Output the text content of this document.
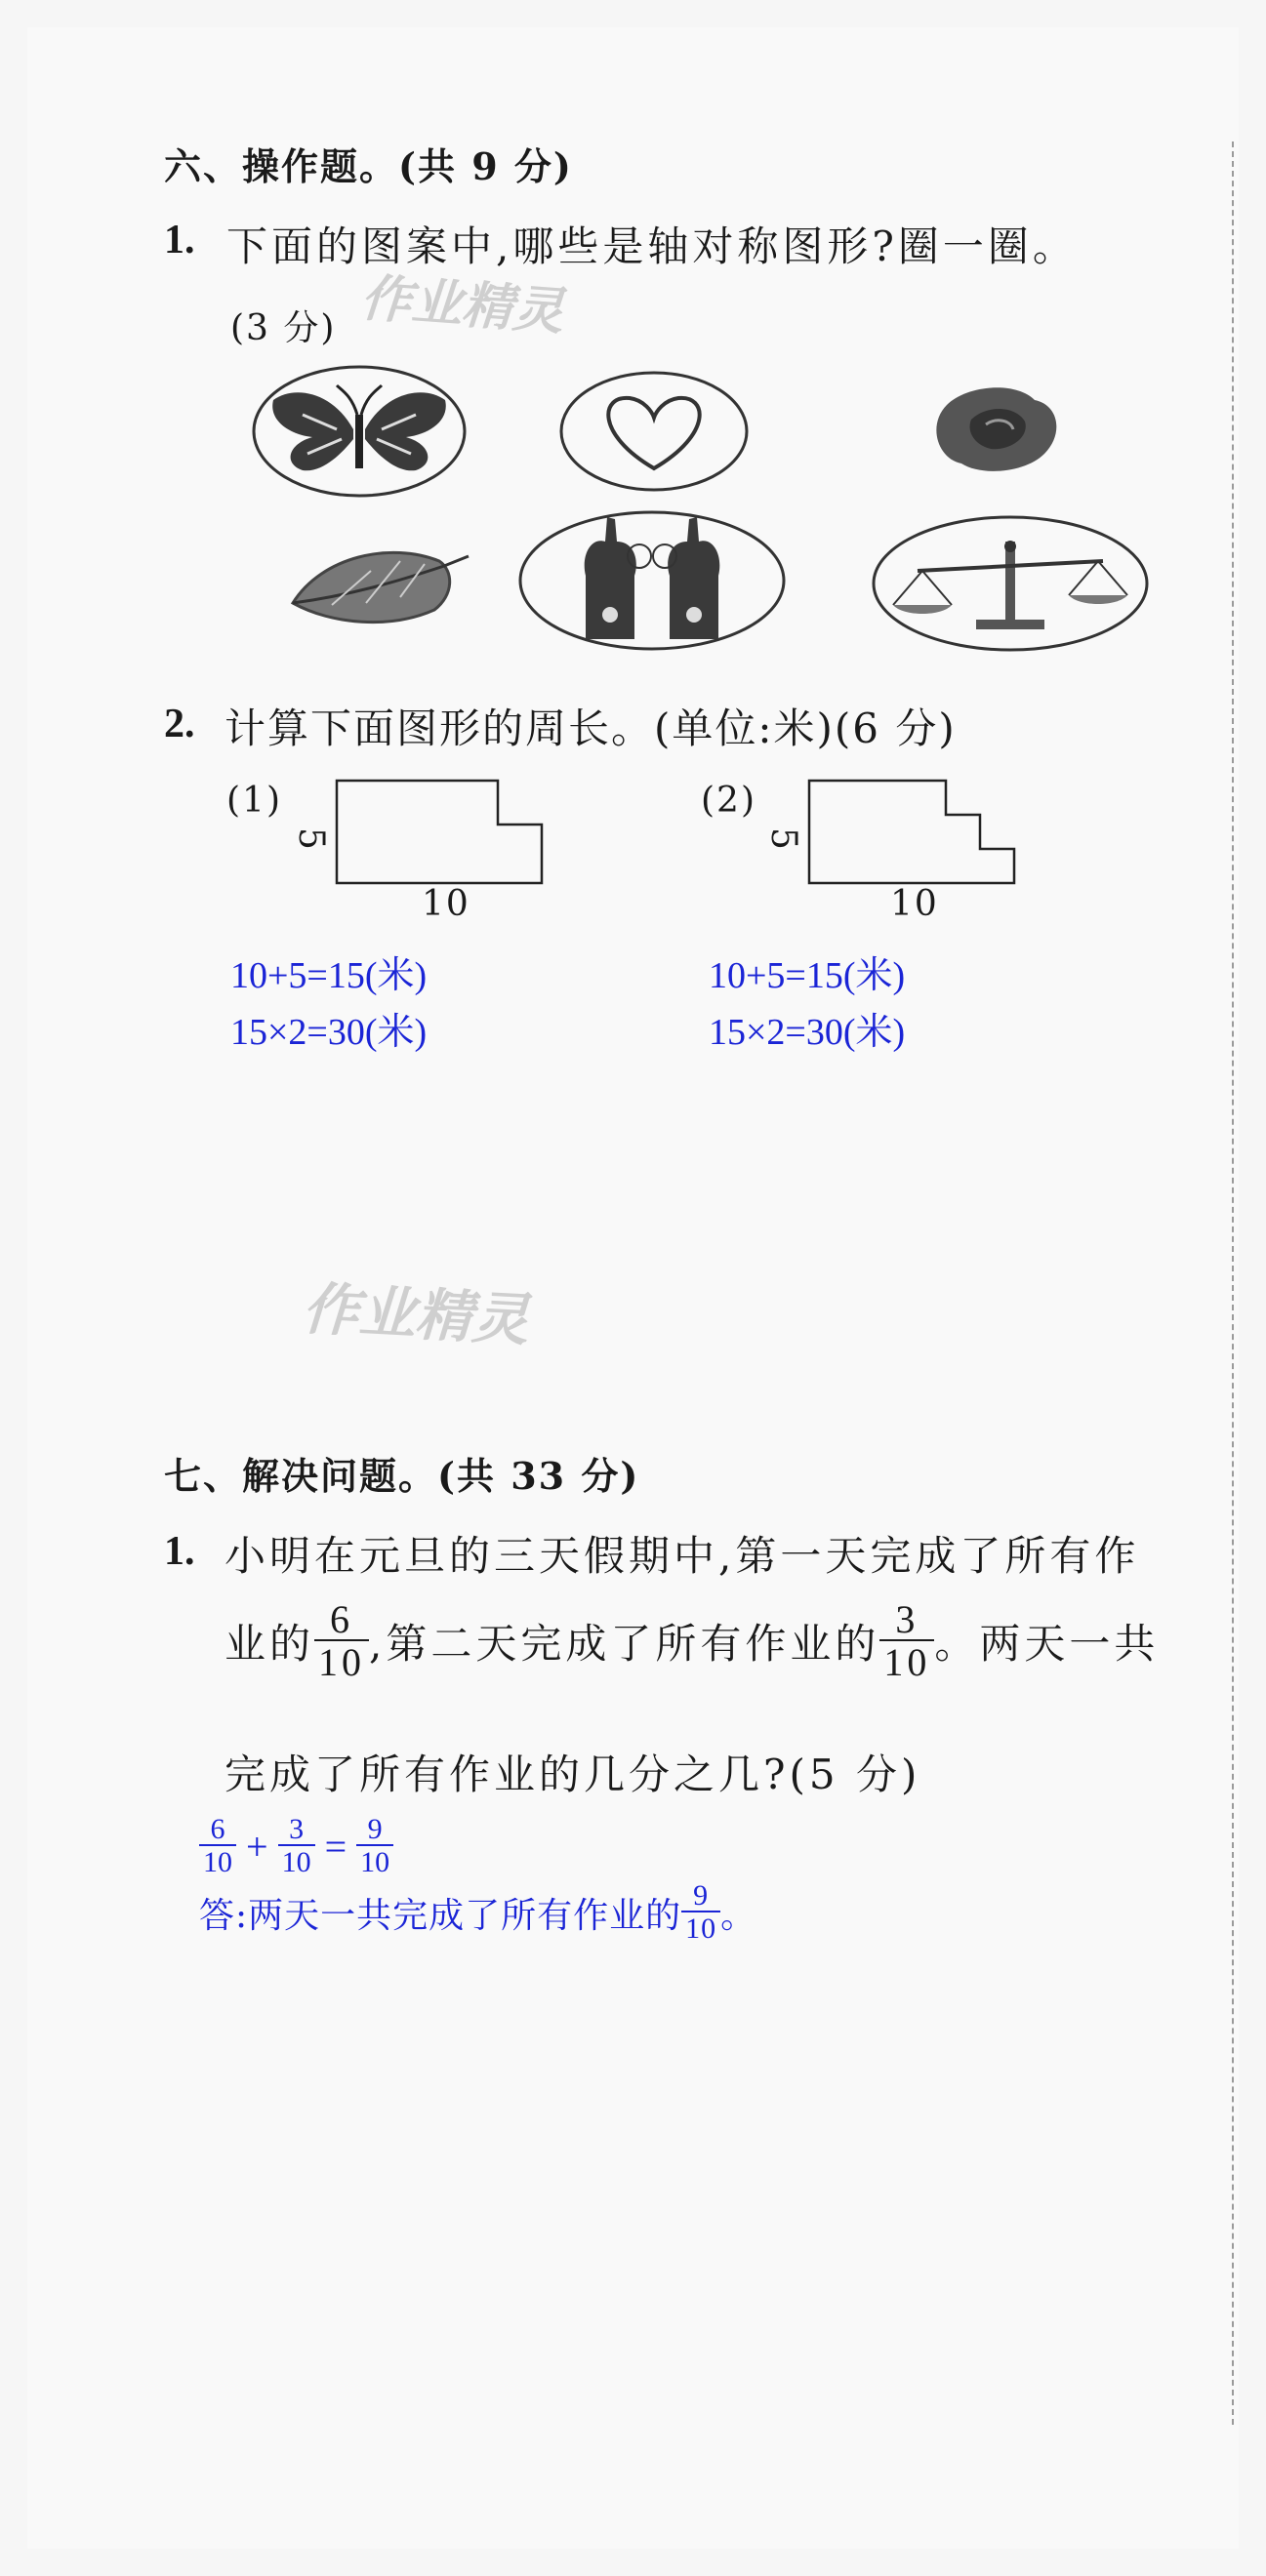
六、操作题。(共 9 分)
1. 下面的图案中,哪些是轴对称图形?圈一圈。
(3 分) 作业精灵
2. 计算下面图形的周长。(单位:米)(6 分)
(1)
5
10
(2)
5
10
10+5=15(米)
15×2=30(米)
10+5=15(米)
15×2=30(米)
作业精灵
七、解决问题。(共 33 分)
1. 小明在元旦的三天假期中,第一天完成了所有作
业的 $\frac{6}{10}$ ,第二天完成了所有作业的 $\frac{3}{10}$ 。两天一共
完成了所有作业的几分之几?(5 分)
$\frac{6}{10} + \frac{3}{10} = \frac{9}{10}$
答:两天一共完成了所有作业的 $\frac{9}{10}$ 。
